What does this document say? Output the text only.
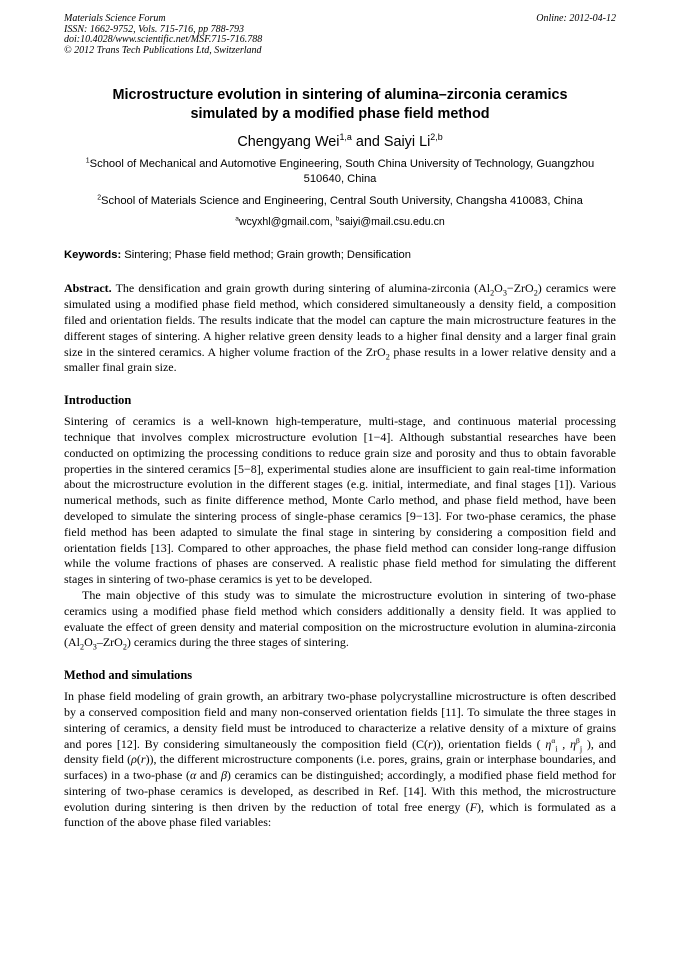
Materials Science Forum
ISSN: 1662-9752, Vols. 715-716, pp 788-793
doi:10.4028/www.scientific.net/MSF.715-716.788
© 2012 Trans Tech Publications Ltd, Switzerland
Online: 2012-04-12
Microstructure evolution in sintering of alumina–zirconia ceramics
simulated by a modified phase field method
Chengyang Wei$^{1,a}$ and Saiyi Li$^{2,b}$
$^1$School of Mechanical and Automotive Engineering, South China University of Technology, Guangzhou 510640, China
$^2$School of Materials Science and Engineering, Central South University, Changsha 410083, China
$^a$wcyxhl@gmail.com, $^b$saiyi@mail.csu.edu.cn
Keywords: Sintering; Phase field method; Grain growth; Densification
Abstract. The densification and grain growth during sintering of alumina-zirconia $(Al_2O_3-ZrO_2)$ ceramics were simulated using a modified phase field method, which considered simultaneously a density field, a composition filed and orientation fields. The results indicate that the model can capture the main microstructure features in the different stages of sintering. A higher relative green density leads to a higher final density and a larger final grain size in the sintered ceramics. A higher volume fraction of the ZrO$_2$ phase results in a lower relative density and a smaller final grain size.
Introduction
Sintering of ceramics is a well-known high-temperature, multi-stage, and continuous material processing technique that involves complex microstructure evolution [1−4]. Although substantial researches have been conducted on optimizing the processing conditions to reduce grain size and porosity and thus to obtain favorable properties in the sintered ceramics [5−8], experimental studies alone are insufficient to gain real-time information about the microstructure evolution in the different stages (e.g. initial, intermediate, and final stages [1]). Various numerical methods, such as finite difference method, Monte Carlo method, and phase field method, have been developed to simulate the sintering process of single-phase ceramics [9−13]. For two-phase ceramics, the phase field method has been adapted to simulate the final stage in sintering by considering a composition field and orientation fields [13]. Compared to other approaches, the phase field method can consider long-range diffusion while the volume fractions of phases are conserved. A realistic phase field method for simulating the different stages in sintering of two-phase ceramics is yet to be developed.
The main objective of this study was to simulate the microstructure evolution in sintering of two-phase ceramics using a modified phase field method which considers additionally a density field. It was applied to evaluate the effect of green density and material composition on the microstructure evolution in alumina-zirconia $(Al_2O_3-ZrO_2)$ ceramics during the three stages of sintering.
Method and simulations
In phase field modeling of grain growth, an arbitrary two-phase polycrystalline microstructure is often described by a conserved composition field and many non-conserved orientation fields [11]. To simulate the three stages in sintering of ceramics, a density field must be introduced to characterize a relative density of a mixture of grains and pores [12]. By considering simultaneously the composition field (C(r)), orientation fields ( $\eta^\alpha_i$ , $\eta^\beta_j$ ), and density field (ρ(r)), the different microstructure components (i.e. pores, grains, grain or interphase boundaries, and surfaces) in a two-phase (α and β) ceramics can be distinguished; accordingly, a modified phase field method for sintering of two-phase ceramics is developed, as described in Ref. [14]. With this method, the microstructure evolution during sintering is then driven by the reduction of total free energy (F), which is formulated as a function of the above phase filed variables:
